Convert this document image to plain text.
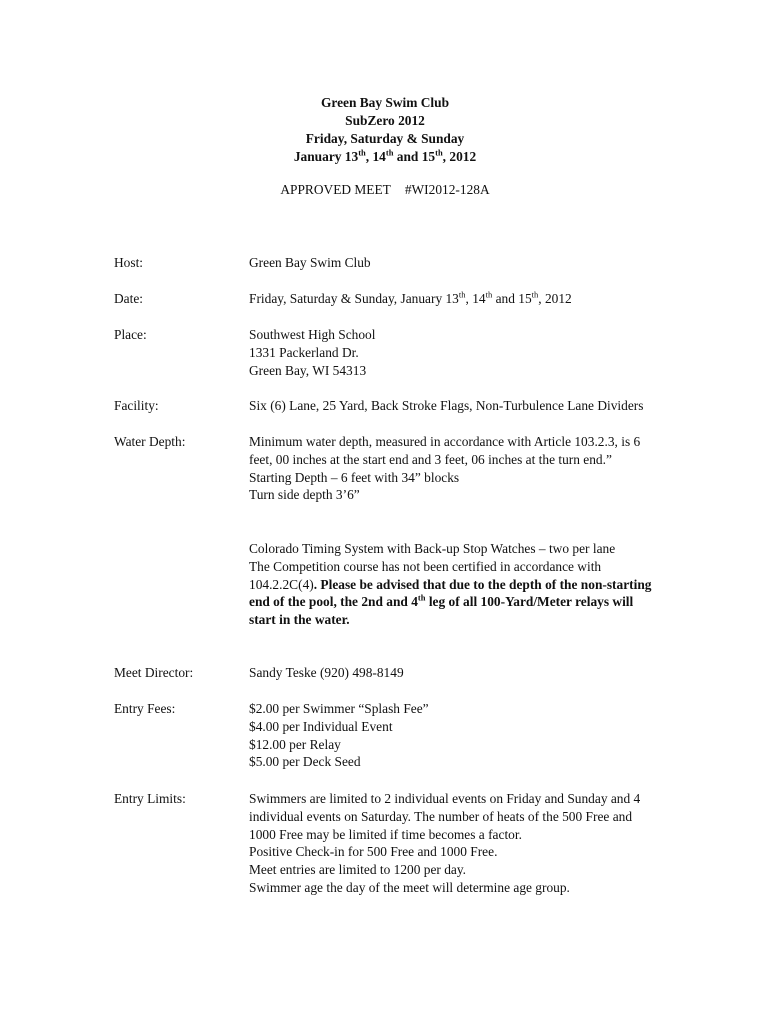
Green Bay Swim Club
SubZero 2012
Friday, Saturday & Sunday
January 13th, 14th and 15th, 2012
APPROVED MEET #WI2012-128A
Host:	Green Bay Swim Club
Date:	Friday, Saturday & Sunday, January 13th, 14th and 15th, 2012
Place:	Southwest High School

1331 Packerland Dr.

Green Bay, WI 54313

Facility:	Six (6) Lane, 25 Yard, Back Stroke Flags, Non-Turbulence Lane Dividers
Water Depth:	Minimum water depth, measured in accordance with Article 103.2.3, is 6 feet, 00 inches at the start end and 3 feet, 06 inches at the turn end.”

Starting Depth – 6 feet with 34” blocks

Turn side depth 3’6”

Colorado Timing System with Back-up Stop Watches – two per lane

The Competition course has not been certified in accordance with 104.2.2C(4). Please be advised that due to the depth of the non-starting end of the pool, the 2nd and 4th leg of all 100-Yard/Meter relays will start in the water.

Meet Director:	Sandy Teske (920) 498-8149
Entry Fees:	$2.00 per Swimmer “Splash Fee”

$4.00 per Individual Event

$12.00 per Relay

$5.00 per Deck Seed

Entry Limits:	Swimmers are limited to 2 individual events on Friday and Sunday and 4 individual events on Saturday. The number of heats of the 500 Free and 1000 Free may be limited if time becomes a factor.

Positive Check-in for 500 Free and 1000 Free.

Meet entries are limited to 1200 per day.

Swimmer age the day of the meet will determine age group.
